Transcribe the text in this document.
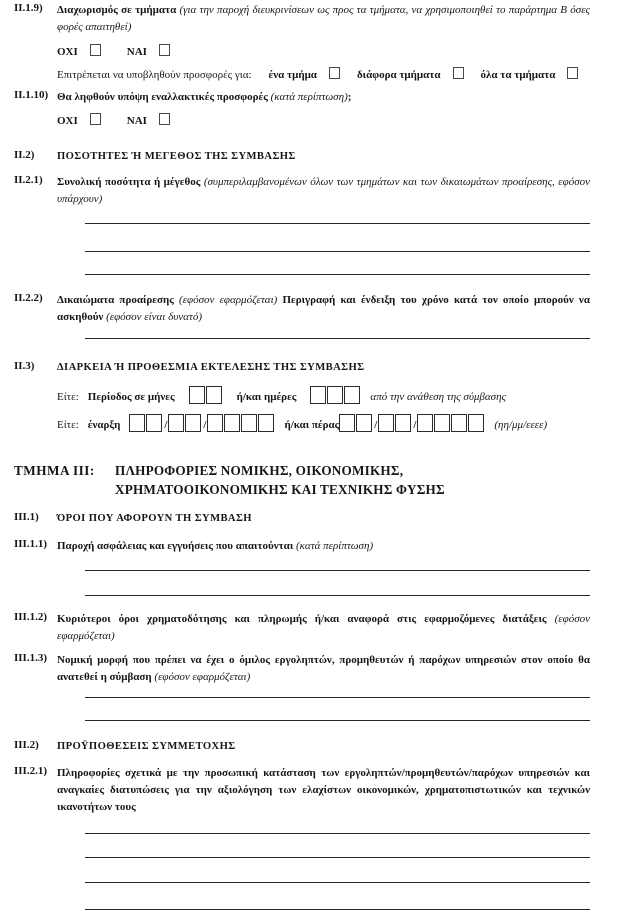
II.1.9)	Διαχωρισμός σε τμήματα (για την παροχή διευκρινίσεων ως προς τα τμήματα, να χρησιμοποιηθεί το παράρτημα Β όσες φορές απαιτηθεί)
ΟΧΙ	ΝΑΙ
Επιτρέπεται να υποβληθούν προσφορές για: ένα τμήμα	διάφορα τμήματα	όλα τα τμήματα
II.1.10) Θα ληφθούν υπόψη εναλλακτικές προσφορές (κατά περίπτωση);
ΟΧΙ	ΝΑΙ
II.2)	ΠΟΣΟΤΗΤΕΣ Ή ΜΕΓΕΘΟΣ ΤΗΣ ΣΥΜΒΑΣΗΣ
II.2.1)	Συνολική ποσότητα ή μέγεθος (συμπεριλαμβανομένων όλων των τμημάτων και των δικαιωμάτων προαίρεσης, εφόσον υπάρχουν)
II.2.2)	Δικαιώματα προαίρεσης (εφόσον εφαρμόζεται) Περιγραφή και ένδειξη του χρόνο κατά τον οποίο μπορούν να ασκηθούν (εφόσον είναι δυνατό)
II.3)	ΔΙΑΡΚΕΙΑ Ή ΠΡΟΘΕΣΜΙΑ ΕΚΤΕΛΕΣΗΣ ΤΗΣ ΣΥΜΒΑΣΗΣ
Είτε: Περίοδος σε μήνες	ή/και ημέρες	από την ανάθεση της σύμβασης
Είτε: έναρξη	/	/	ή/και πέρας	/	/	(ηη/μμ/εεεε)
ΤΜΗΜΑ ΙΙΙ:	ΠΛΗΡΟΦΟΡΙΕΣ ΝΟΜΙΚΗΣ, ΟΙΚΟΝΟΜΙΚΗΣ,
ΧΡΗΜΑΤΟΟΙΚΟΝΟΜΙΚΗΣ ΚΑΙ ΤΕΧΝΙΚΗΣ ΦΥΣΗΣ
III.1)	ΌΡΟΙ ΠΟΥ ΑΦΟΡΟΥΝ ΤΗ ΣΥΜΒΑΣΗ
III.1.1) Παροχή ασφάλειας και εγγυήσεις που απαιτούνται (κατά περίπτωση)
III.1.2) Κυριότεροι όροι χρηματοδότησης και πληρωμής ή/και αναφορά στις εφαρμοζόμενες διατάξεις (εφόσον εφαρμόζεται)
III.1.3) Νομική μορφή που πρέπει να έχει ο όμιλος εργοληπτών, προμηθευτών ή παρόχων υπηρεσιών στον οποίο θα ανατεθεί η σύμβαση (εφόσον εφαρμόζεται)
III.2)	ΠΡΟΫΠΟΘΕΣΕΙΣ ΣΥΜΜΕΤΟΧΗΣ
III.2.1) Πληροφορίες σχετικά με την προσωπική κατάσταση των εργοληπτών/προμηθευτών/παρόχων υπηρεσιών και αναγκαίες διατυπώσεις για την αξιολόγηση των ελαχίστων οικονομικών, χρηματοπιστωτικών και τεχνικών ικανοτήτων τους
